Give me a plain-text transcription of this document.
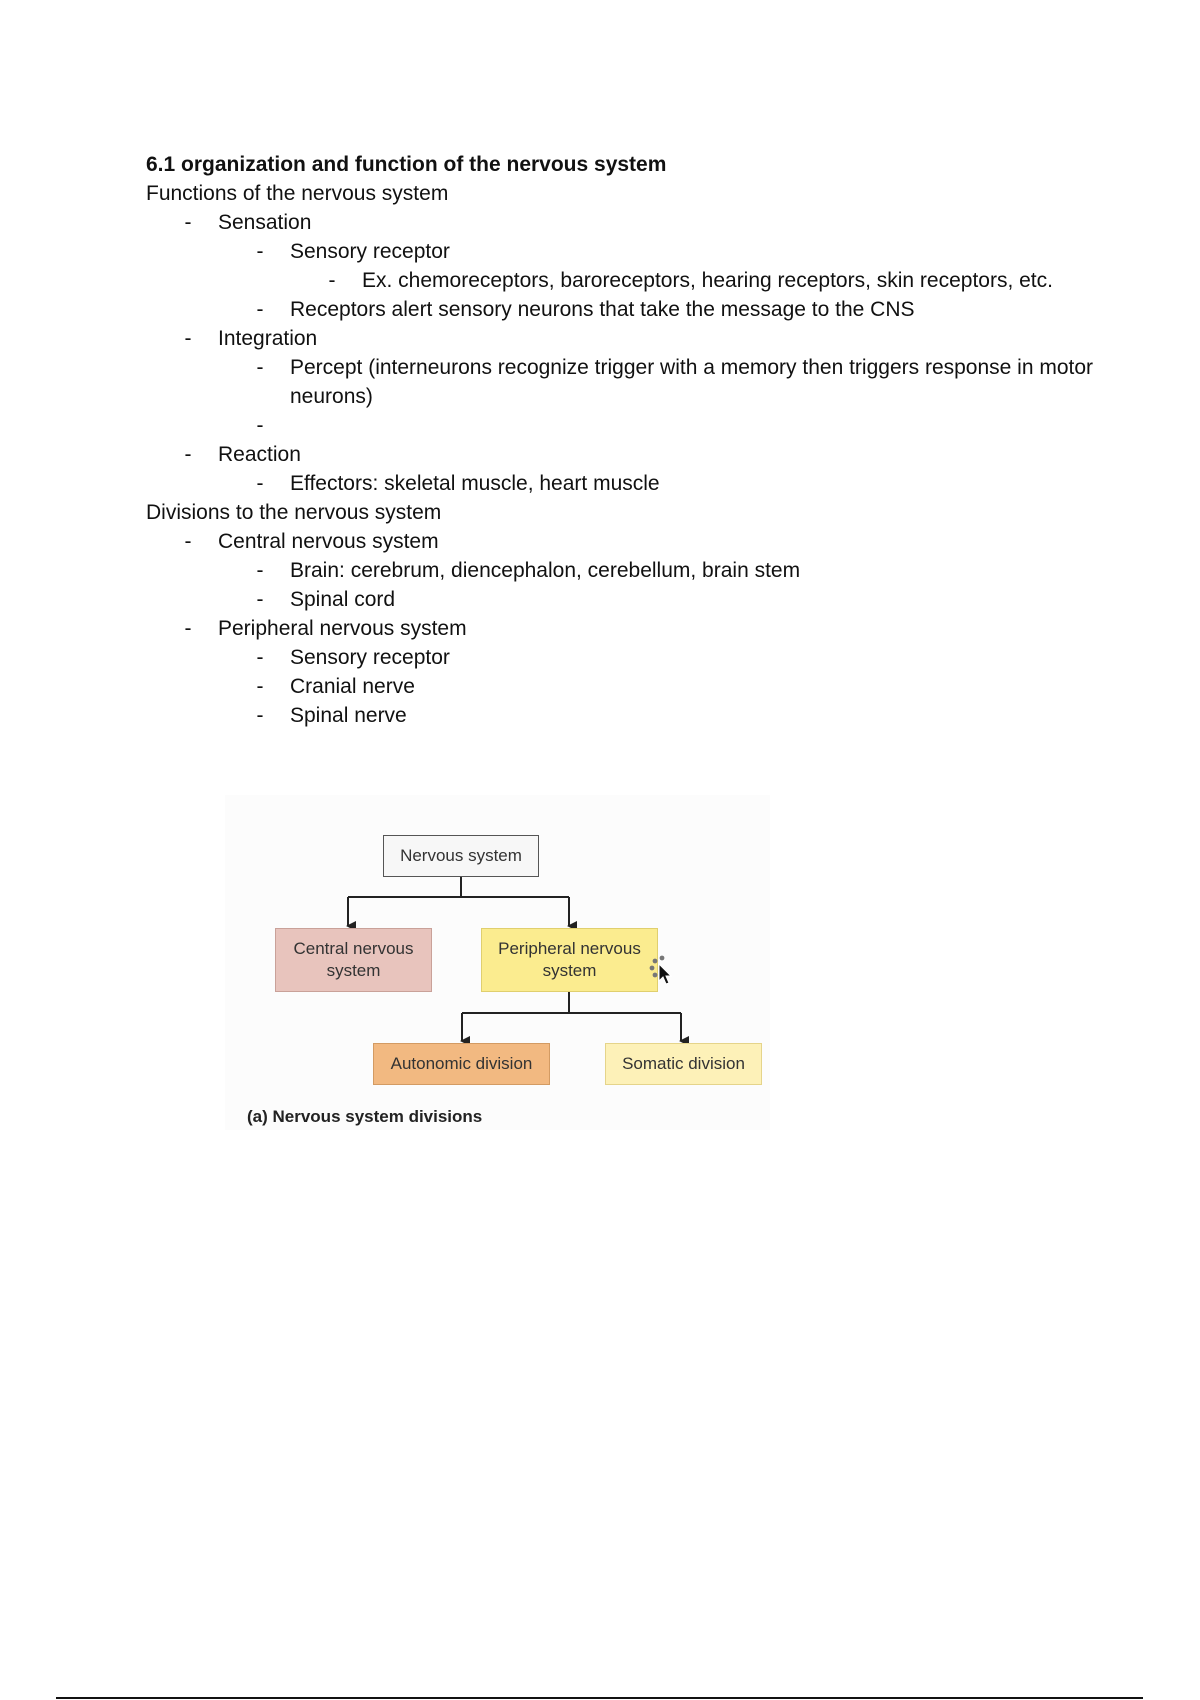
6.1 organization and function of the nervous system
Functions of the nervous system
-	Sensation
-	Sensory receptor
-	Ex. chemoreceptors, baroreceptors, hearing receptors, skin receptors, etc.
-	Receptors alert sensory neurons that take the message to the CNS
-	Integration
-	Percept (interneurons recognize trigger with a memory then triggers response in motor neurons)
-

-	Reaction
-	Effectors: skeletal muscle, heart muscle
Divisions to the nervous system
-	Central nervous system
-	Brain: cerebrum, diencephalon, cerebellum, brain stem
-	Spinal cord
-	Peripheral nervous system
-	Sensory receptor
-	Cranial nerve
-	Spinal nerve
Nervous system
Central nervous
system
Peripheral nervous
system
Autonomic division	Somatic division
(a) Nervous system divisions
